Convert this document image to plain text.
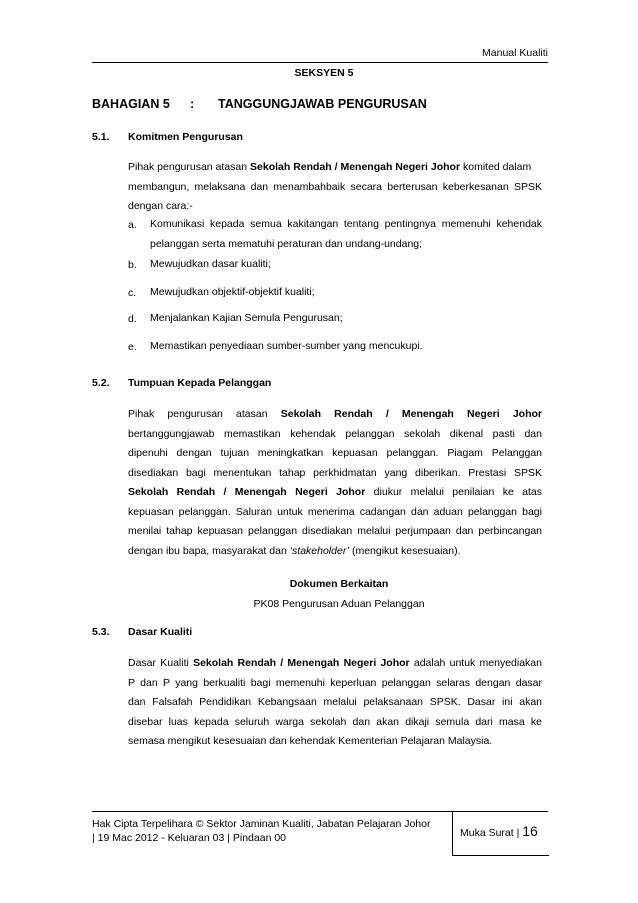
Manual Kualiti
SEKSYEN 5
BAHAGIAN 5 : TANGGUNGJAWAB PENGURUSAN
5.1. Komitmen Pengurusan
Pihak pengurusan atasan Sekolah Rendah / Menengah Negeri Johor komited dalam
membangun, melaksana dan menambahbaik secara berterusan keberkesanan SPSK
dengan cara:-
a. Komunikasi kepada semua kakitangan tentang pentingnya memenuhi kehendak
pelanggan serta mematuhi peraturan dan undang-undang;
b. Mewujudkan dasar kualiti;
c. Mewujudkan objektif-objektif kualiti;
d. Menjalankan Kajian Semula Pengurusan;
e. Memastikan penyediaan sumber-sumber yang mencukupi.
5.2. Tumpuan Kepada Pelanggan
Pihak pengurusan atasan Sekolah Rendah / Menengah Negeri Johor
bertanggungjawab memastikan kehendak pelanggan sekolah dikenal pasti dan
dipenuhi dengan tujuan meningkatkan kepuasan pelanggan. Piagam Pelanggan
disediakan bagi menentukan tahap perkhidmatan yang diberikan. Prestasi SPSK
Sekolah Rendah / Menengah Negeri Johor diukur melalui penilaian ke atas
kepuasan pelanggan. Saluran untuk menerima cadangan dan aduan pelanggan bagi
menilai tahap kepuasan pelanggan disediakan melalui perjumpaan dan perbincangan
dengan ibu bapa, masyarakat dan ‘stakeholder’ (mengikut kesesuaian).
Dokumen Berkaitan
PK08 Pengurusan Aduan Pelanggan
5.3. Dasar Kualiti
Dasar Kualiti Sekolah Rendah / Menengah Negeri Johor adalah untuk menyediakan
P dan P yang berkualiti bagi memenuhi keperluan pelanggan selaras dengan dasar
dan Falsafah Pendidikan Kebangsaan melalui pelaksanaan SPSK. Dasar ini akan
disebar luas kepada seluruh warga sekolah dan akan dikaji semula dari masa ke
semasa mengikut kesesuaian dan kehendak Kementerian Pelajaran Malaysia.
Hak Cipta Terpelihara © Sektor Jaminan Kualiti, Jabatan Pelajaran Johor
| 19 Mac 2012 - Keluaran 03 | Pindaan 00	Muka Surat | 16
